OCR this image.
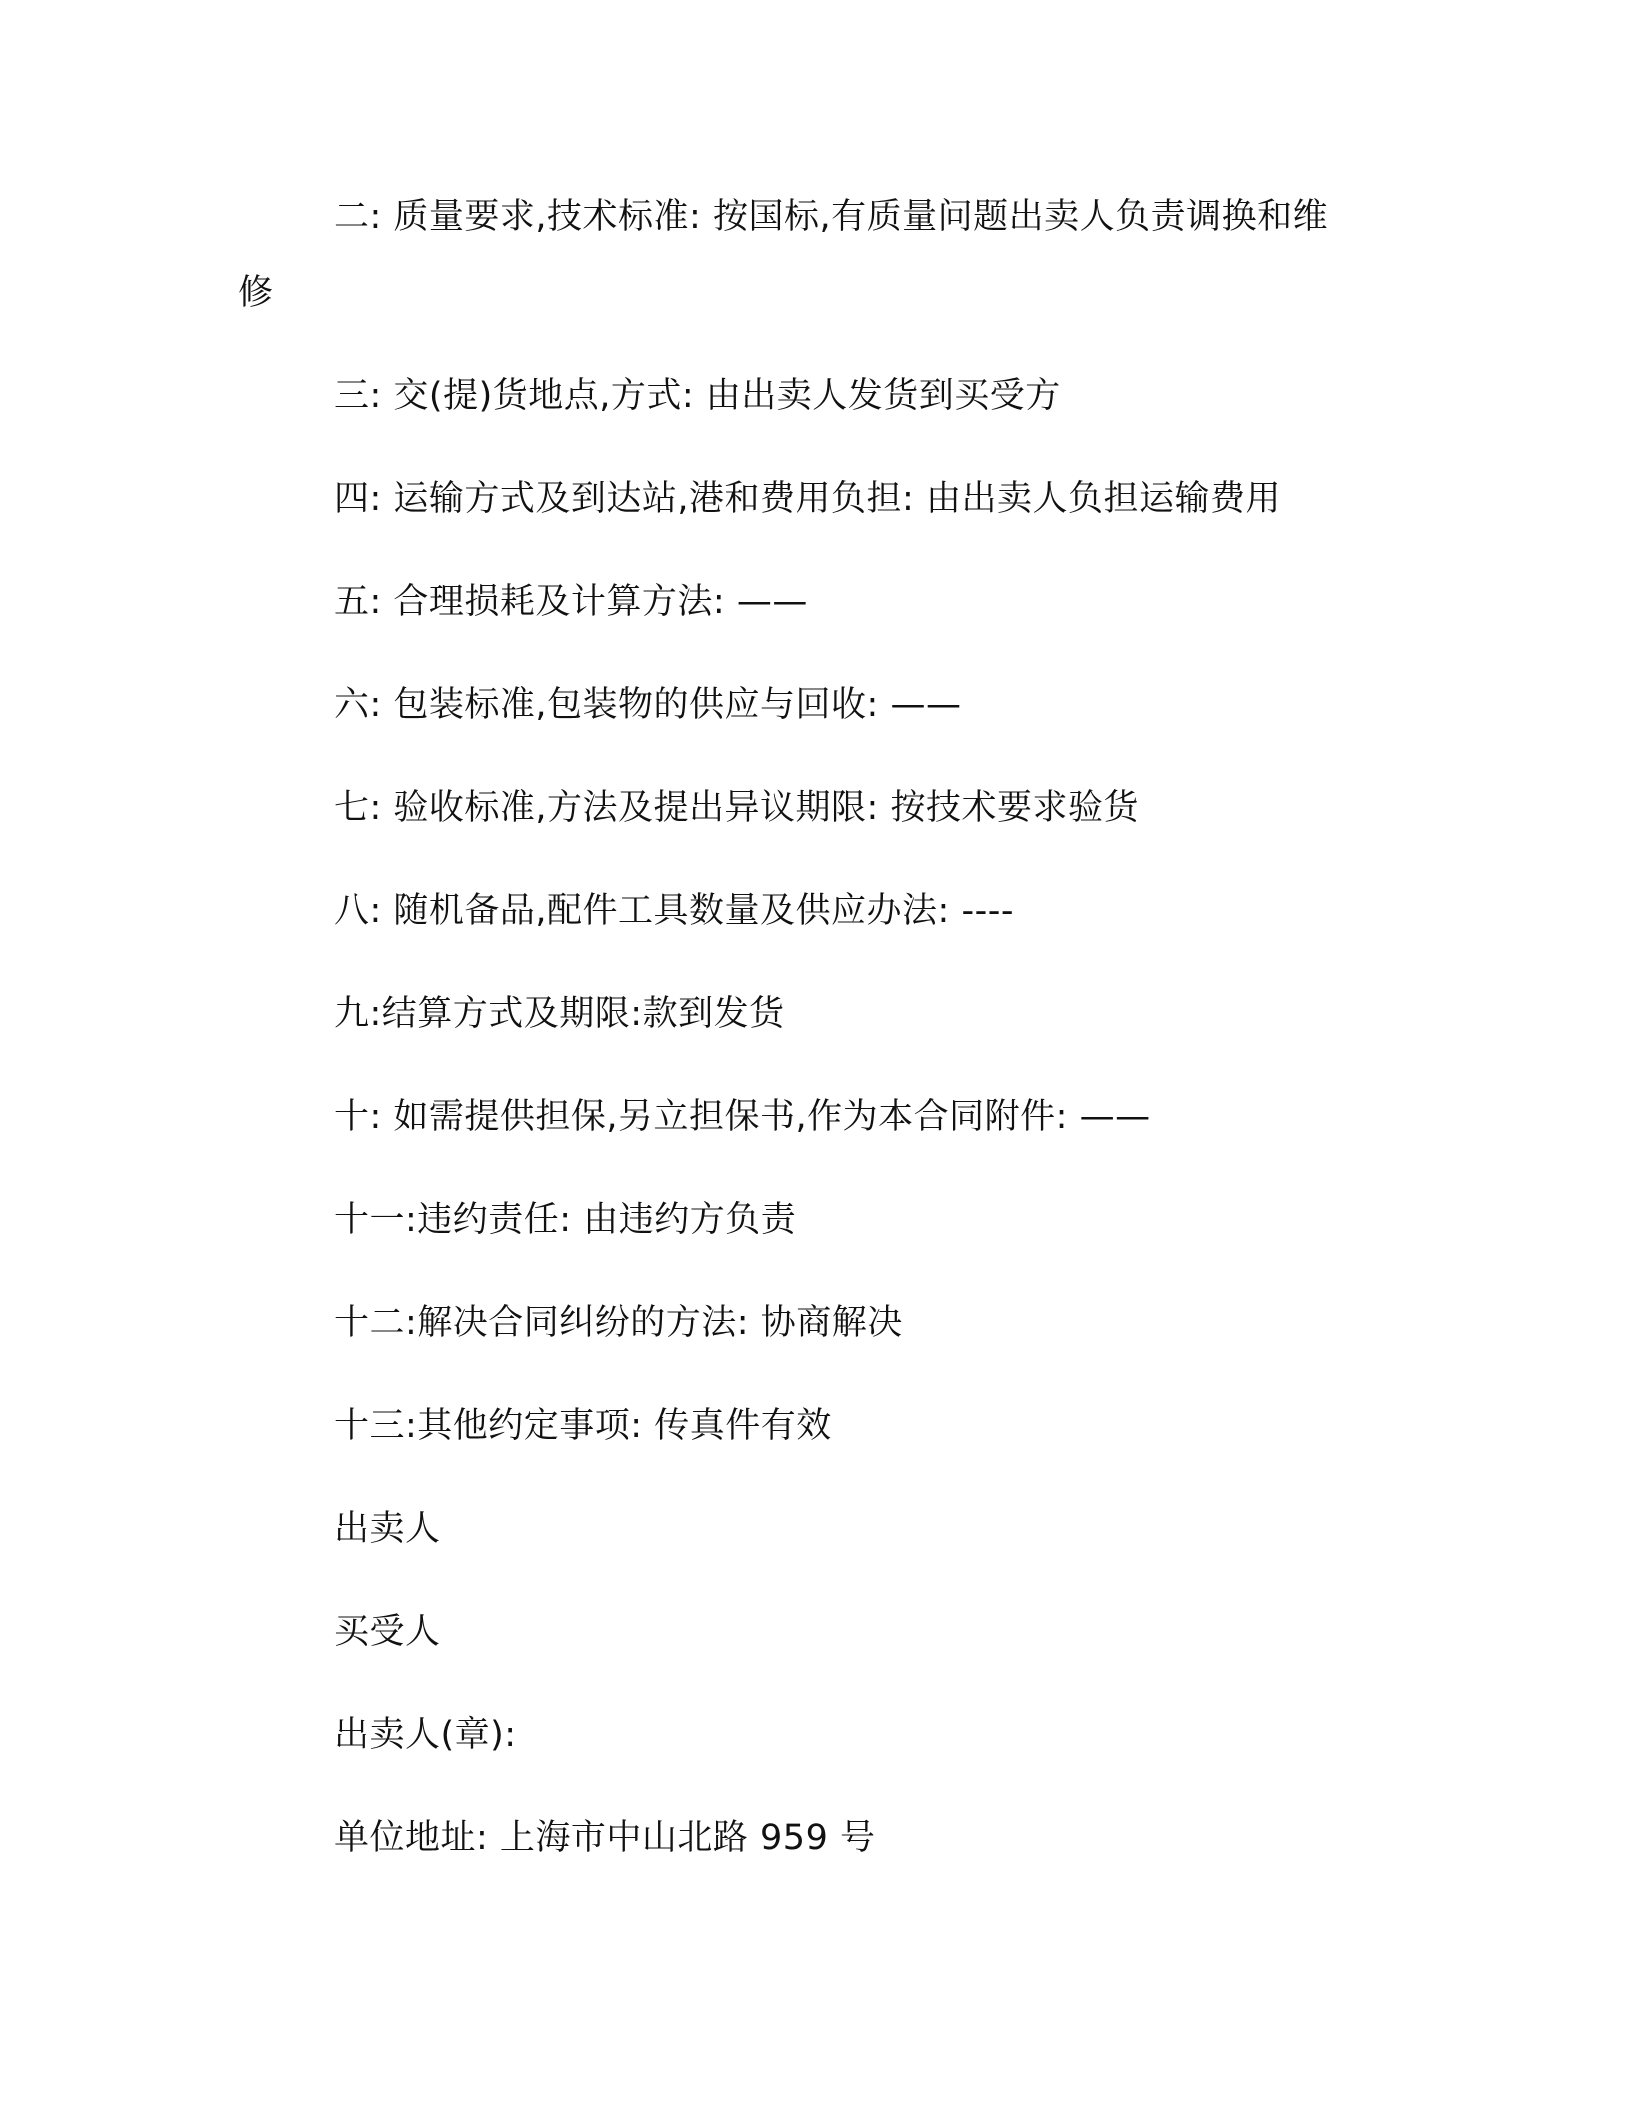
二: 质量要求,技术标准: 按国标,有质量问题出卖人负责调换和维
修
三: 交(提)货地点,方式: 由出卖人发货到买受方
四: 运输方式及到达站,港和费用负担: 由出卖人负担运输费用
五: 合理损耗及计算方法: ——
六: 包装标准,包装物的供应与回收: ——
七: 验收标准,方法及提出异议期限: 按技术要求验货
八: 随机备品,配件工具数量及供应办法: ----
九:结算方式及期限:款到发货
十: 如需提供担保,另立担保书,作为本合同附件: ——
十一:违约责任: 由违约方负责
十二:解决合同纠纷的方法: 协商解决
十三:其他约定事项: 传真件有效
出卖人
买受人
出卖人(章):
单位地址: 上海市中山北路 959 号
